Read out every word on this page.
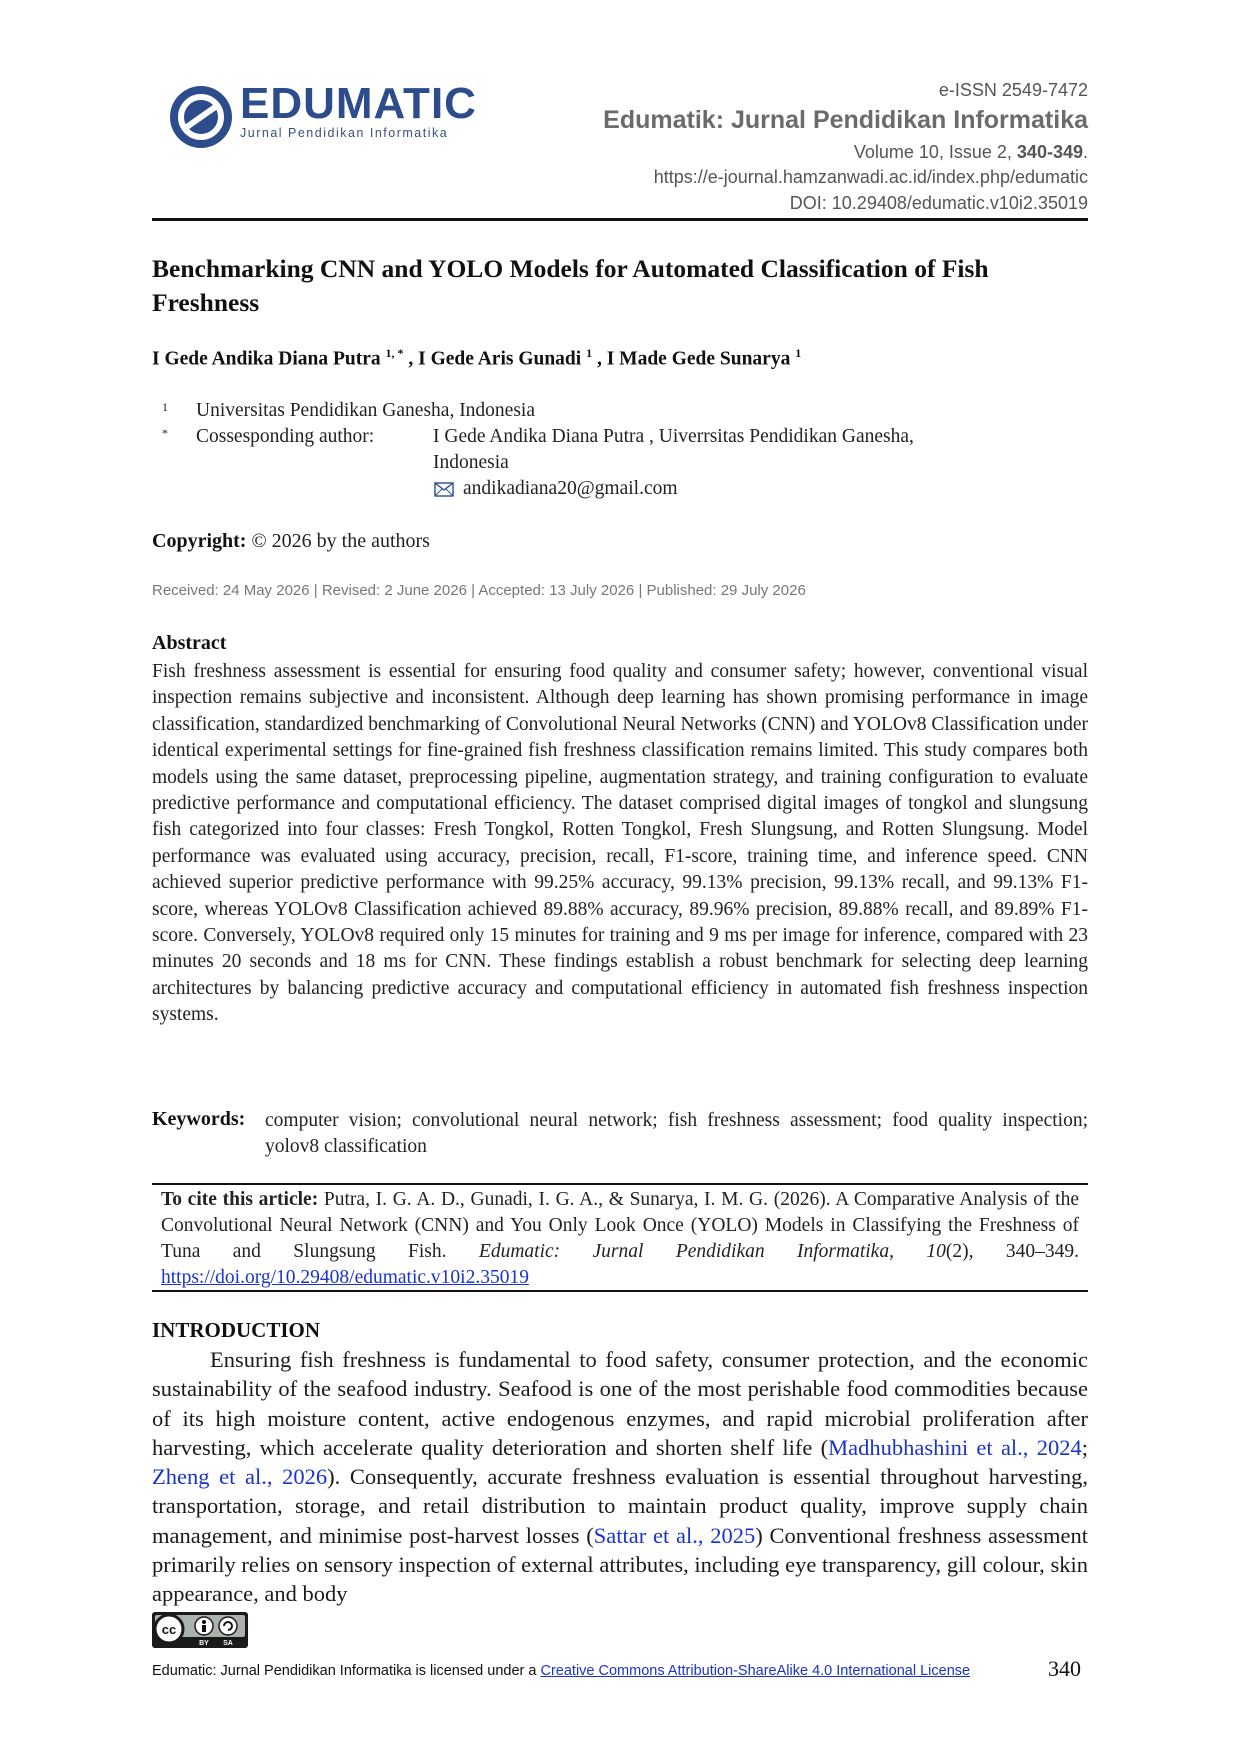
EDUMATIC
Jurnal Pendidikan Informatika
e-ISSN 2549-7472
Edumatik: Jurnal Pendidikan Informatika
Volume 10, Issue 2, 340-349.
https://e-journal.hamzanwadi.ac.id/index.php/edumatic
DOI: 10.29408/edumatic.v10i2.35019
Benchmarking CNN and YOLO Models for Automated Classification of Fish Freshness
I Gede Andika Diana Putra $^{1, *}$ , I Gede Aris Gunadi $^1$ , I Made Gede Sunarya $^1$
1 Universitas Pendidikan Ganesha, Indonesia
* Cossesponding author:	I Gede Andika Diana Putra , Uiverrsitas Pendidikan Ganesha,
Indonesia
andikadiana20@gmail.com
Copyright: © 2026 by the authors
Received: 24 May 2026 | Revised: 2 June 2026 | Accepted: 13 July 2026 | Published: 29 July 2026
Abstract
Fish freshness assessment is essential for ensuring food quality and consumer safety; however, conventional visual inspection remains subjective and inconsistent. Although deep learning has shown promising performance in image classification, standardized benchmarking of Convolutional Neural Networks (CNN) and YOLOv8 Classification under identical experimental settings for fine-grained fish freshness classification remains limited. This study compares both models using the same dataset, preprocessing pipeline, augmentation strategy, and training configuration to evaluate predictive performance and computational efficiency. The dataset comprised digital images of tongkol and slungsung fish categorized into four classes: Fresh Tongkol, Rotten Tongkol, Fresh Slungsung, and Rotten Slungsung. Model performance was evaluated using accuracy, precision, recall, F1-score, training time, and inference speed. CNN achieved superior predictive performance with 99.25% accuracy, 99.13% precision, 99.13% recall, and 99.13% F1-score, whereas YOLOv8 Classification achieved 89.88% accuracy, 89.96% precision, 89.88% recall, and 89.89% F1-score. Conversely, YOLOv8 required only 15 minutes for training and 9 ms per image for inference, compared with 23 minutes 20 seconds and 18 ms for CNN. These findings establish a robust benchmark for selecting deep learning architectures by balancing predictive accuracy and computational efficiency in automated fish freshness inspection systems.
Keywords: computer vision; convolutional neural network; fish freshness assessment; food quality inspection; yolov8 classification
To cite this article: Putra, I. G. A. D., Gunadi, I. G. A., & Sunarya, I. M. G. (2026). A Comparative Analysis of the Convolutional Neural Network (CNN) and You Only Look Once (YOLO) Models in Classifying the Freshness of Tuna and Slungsung Fish. Edumatic: Jurnal Pendidikan Informatika, 10(2), 340–349. https://doi.org/10.29408/edumatic.v10i2.35019
INTRODUCTION

Ensuring fish freshness is fundamental to food safety, consumer protection, and the economic sustainability of the seafood industry. Seafood is one of the most perishable food commodities because of its high moisture content, active endogenous enzymes, and rapid microbial proliferation after harvesting, which accelerate quality deterioration and shorten shelf life (Madhubhashini et al., 2024; Zheng et al., 2026). Consequently, accurate freshness evaluation is essential throughout harvesting, transportation, storage, and retail distribution to maintain product quality, improve supply chain management, and minimise post-harvest losses (Sattar et al., 2025) Conventional freshness assessment primarily relies on sensory inspection of external attributes, including eye transparency, gill colour, skin appearance, and body

cc
BY SA
Edumatic: Jurnal Pendidikan Informatika is licensed under a Creative Commons Attribution-ShareAlike 4.0 International License	340
